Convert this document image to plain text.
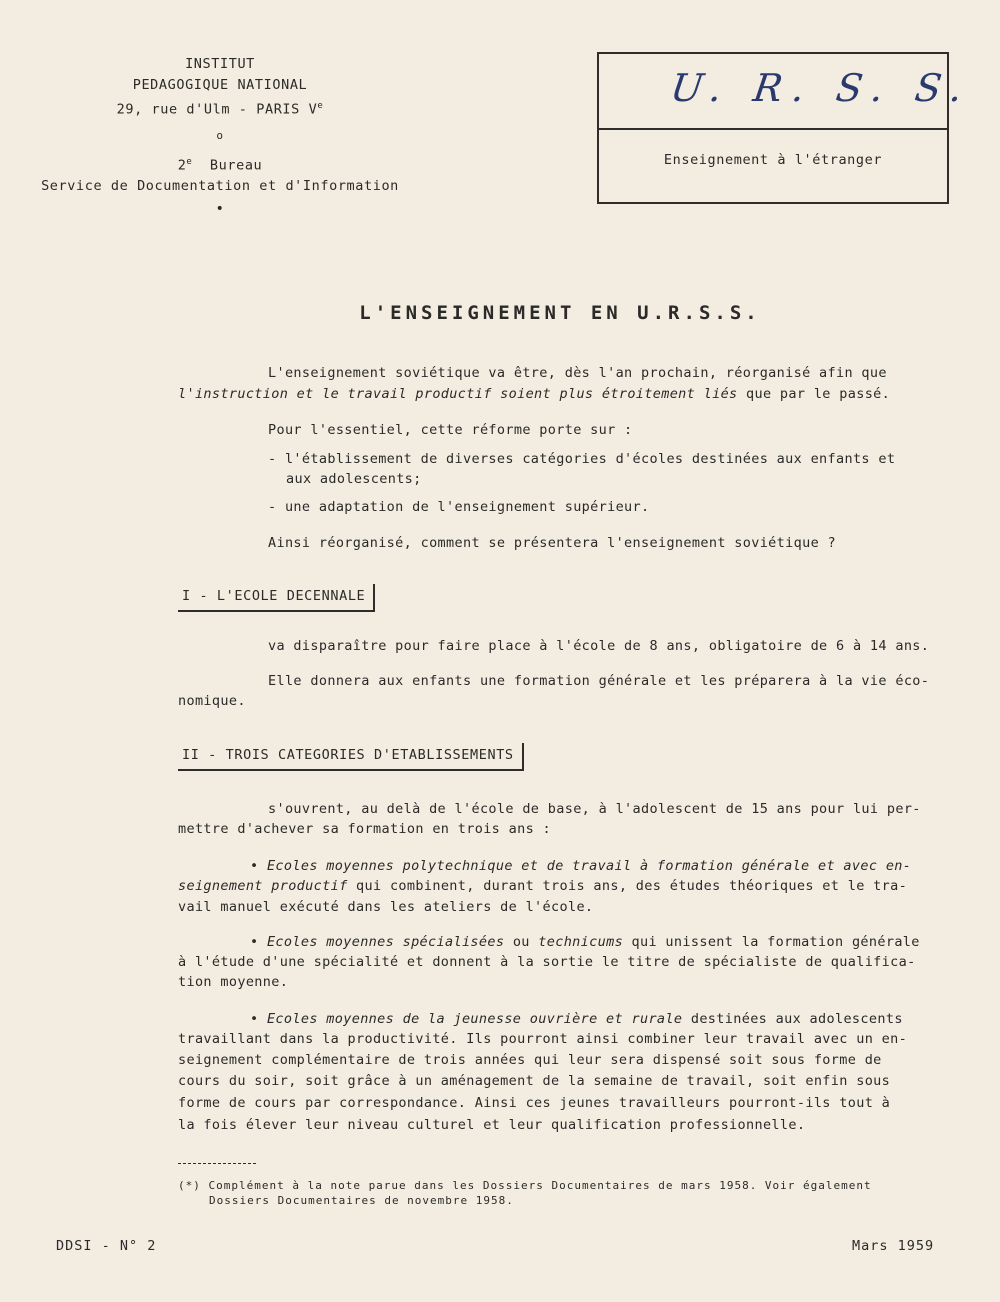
INSTITUT
PEDAGOGIQUE NATIONAL
29, rue d'Ulm - PARIS Ve
o
2e Bureau
Service de Documentation et d'Information
•
U. R. S. S.
Enseignement à l'étranger
L'ENSEIGNEMENT EN U.R.S.S.
L'enseignement soviétique va être, dès l'an prochain, réorganisé afin que
l'instruction et le travail productif soient plus étroitement liés que par le passé.
Pour l'essentiel, cette réforme porte sur :
- l'établissement de diverses catégories d'écoles destinées aux enfants et
aux adolescents;
- une adaptation de l'enseignement supérieur.
Ainsi réorganisé, comment se présentera l'enseignement soviétique ?
I - L'ECOLE DECENNALE
va disparaître pour faire place à l'école de 8 ans, obligatoire de 6 à 14 ans.
Elle donnera aux enfants une formation générale et les préparera à la vie éco-
nomique.
II - TROIS CATEGORIES D'ETABLISSEMENTS
s'ouvrent, au delà de l'école de base, à l'adolescent de 15 ans pour lui per-
mettre d'achever sa formation en trois ans :
• Ecoles moyennes polytechnique et de travail à formation générale et avec en-
seignement productif qui combinent, durant trois ans, des études théoriques et le tra-
vail manuel exécuté dans les ateliers de l'école.
• Ecoles moyennes spécialisées ou technicums qui unissent la formation générale
à l'étude d'une spécialité et donnent à la sortie le titre de spécialiste de qualifica-
tion moyenne.
• Ecoles moyennes de la jeunesse ouvrière et rurale destinées aux adolescents
travaillant dans la productivité. Ils pourront ainsi combiner leur travail avec un en-
seignement complémentaire de trois années qui leur sera dispensé soit sous forme de
cours du soir, soit grâce à un aménagement de la semaine de travail, soit enfin sous
forme de cours par correspondance. Ainsi ces jeunes travailleurs pourront-ils tout à
la fois élever leur niveau culturel et leur qualification professionnelle.
(*) Complément à la note parue dans les Dossiers Documentaires de mars 1958. Voir également
Dossiers Documentaires de novembre 1958.
DDSI - N° 2	Mars 1959
